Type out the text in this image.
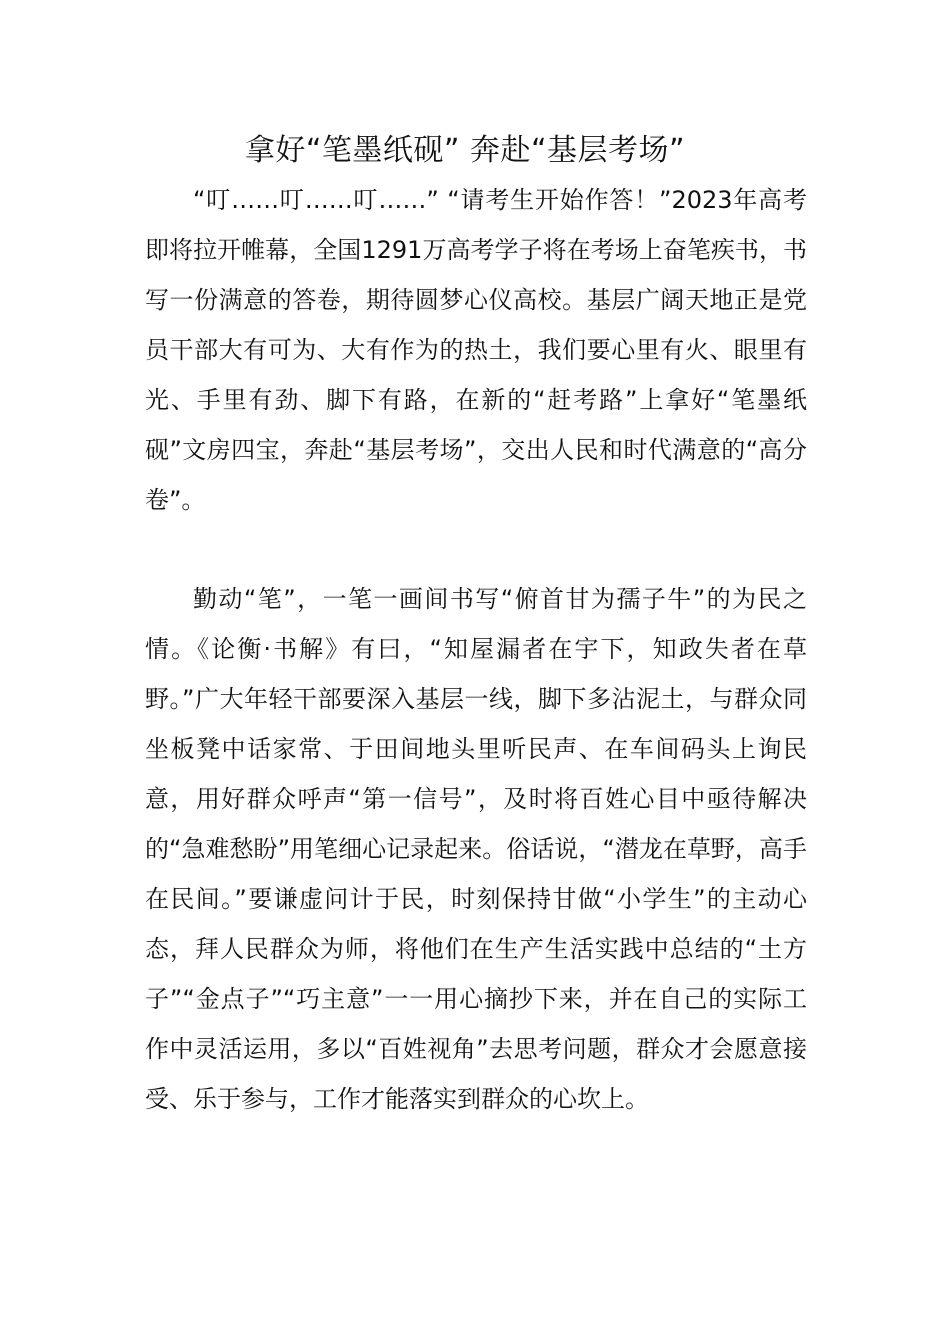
拿好“笔墨纸砚” 奔赴“基层考场”

“叮……叮……叮……” “请考生开始作答！”2023年高考即将拉开帷幕，全国1291万高考学子将在考场上奋笔疾书，书写一份满意的答卷，期待圆梦心仪高校。基层广阔天地正是党员干部大有可为、大有作为的热土，我们要心里有火、眼里有光、手里有劲、脚下有路，在新的“赶考路”上拿好“笔墨纸砚”文房四宝，奔赴“基层考场”，交出人民和时代满意的“高分卷”。

勤动“笔”，一笔一画间书写“俯首甘为孺子牛”的为民之情。《论衡·书解》有曰，“知屋漏者在宇下，知政失者在草野。”广大年轻干部要深入基层一线，脚下多沾泥土，与群众同坐板凳中话家常、于田间地头里听民声、在车间码头上询民意，用好群众呼声“第一信号”，及时将百姓心目中亟待解决的“急难愁盼”用笔细心记录起来。俗话说，“潜龙在草野，高手在民间。”要谦虚问计于民，时刻保持甘做“小学生”的主动心态，拜人民群众为师，将他们在生产生活实践中总结的“土方子”“金点子”“巧主意”一一用心摘抄下来，并在自己的实际工作中灵活运用，多以“百姓视角”去思考问题，群众才会愿意接受、乐于参与，工作才能落实到群众的心坎上。
